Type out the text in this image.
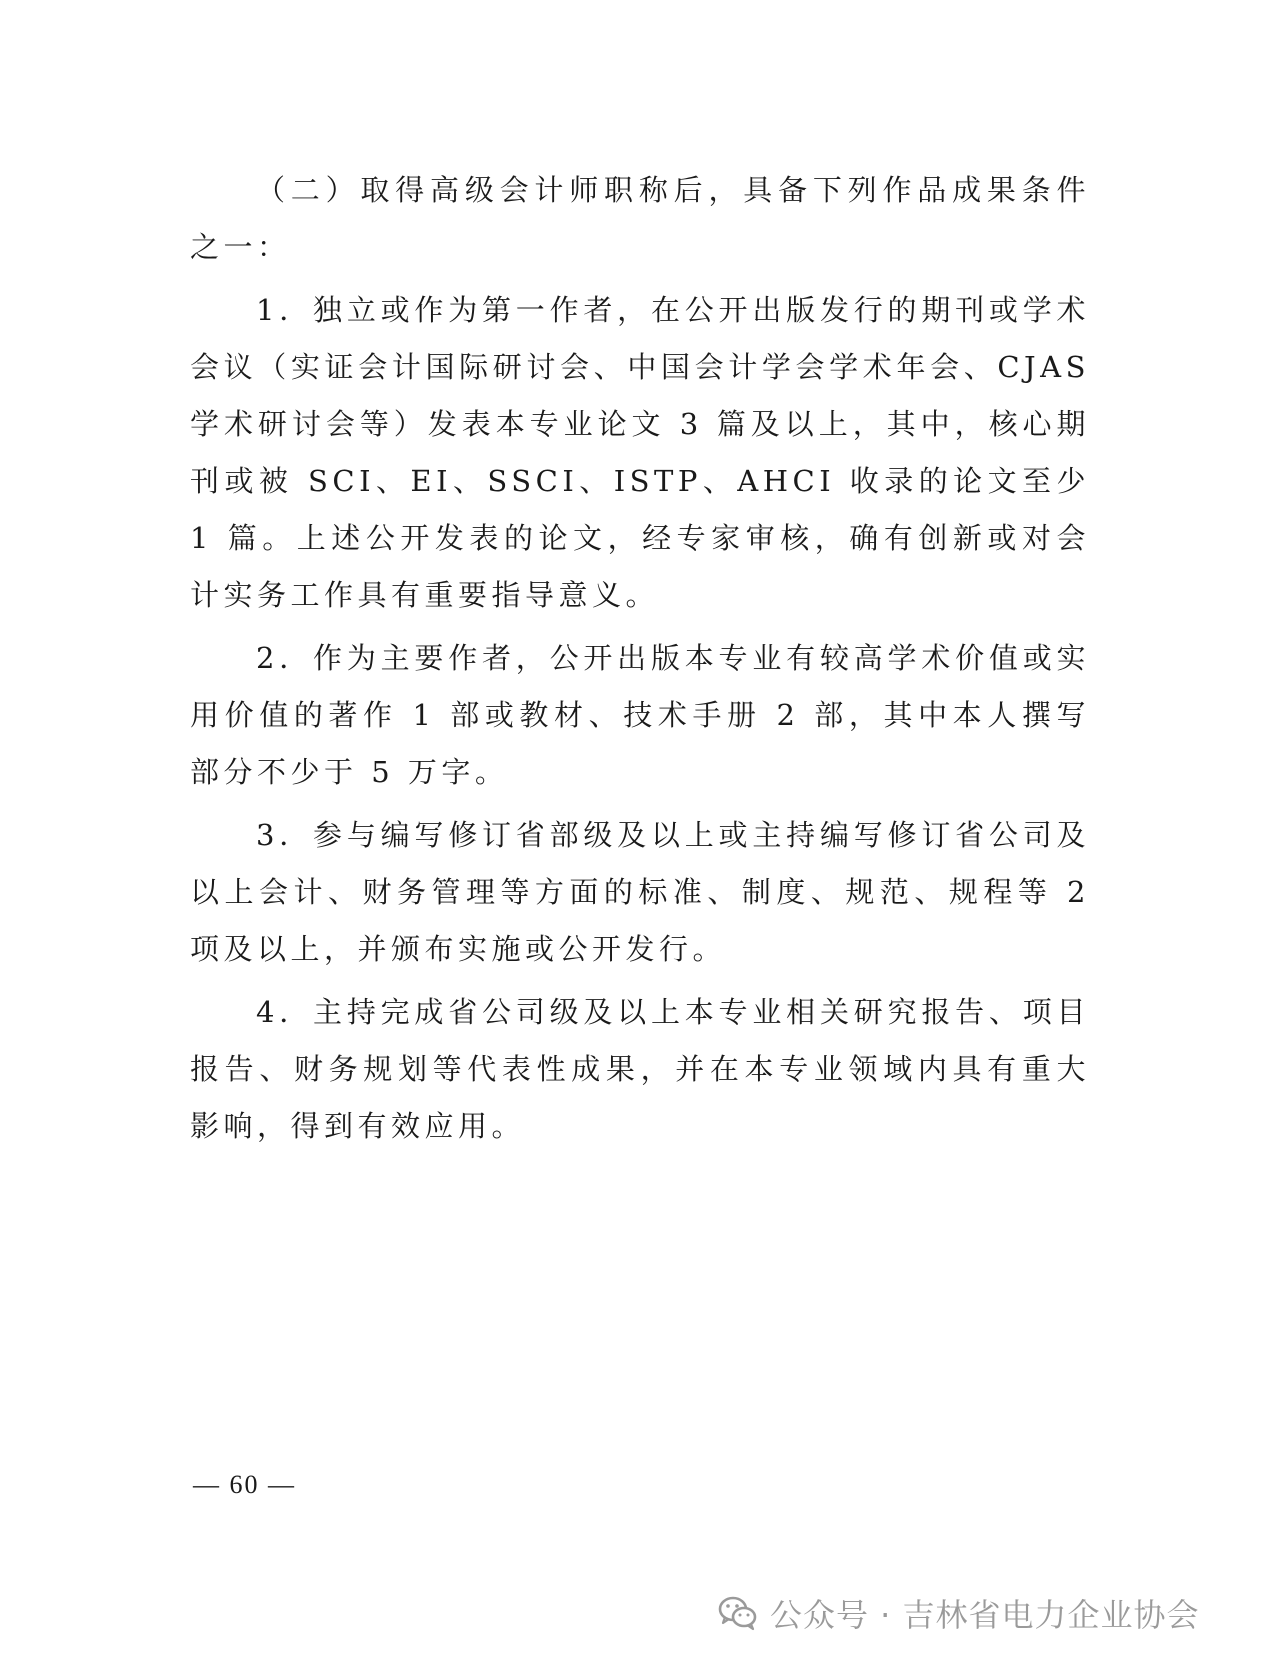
（二）取得高级会计师职称后，具备下列作品成果条件之一：

1．独立或作为第一作者，在公开出版发行的期刊或学术会议（实证会计国际研讨会、中国会计学会学术年会、CJAS 学术研讨会等）发表本专业论文 3 篇及以上，其中，核心期刊或被 SCI、EI、SSCI、ISTP、AHCI 收录的论文至少 1 篇。上述公开发表的论文，经专家审核，确有创新或对会计实务工作具有重要指导意义。

2．作为主要作者，公开出版本专业有较高学术价值或实用价值的著作 1 部或教材、技术手册 2 部，其中本人撰写部分不少于 5 万字。

3．参与编写修订省部级及以上或主持编写修订省公司及以上会计、财务管理等方面的标准、制度、规范、规程等 2 项及以上，并颁布实施或公开发行。

4．主持完成省公司级及以上本专业相关研究报告、项目报告、财务规划等代表性成果，并在本专业领域内具有重大影响，得到有效应用。

— 60 —
公众号 · 吉林省电力企业协会
